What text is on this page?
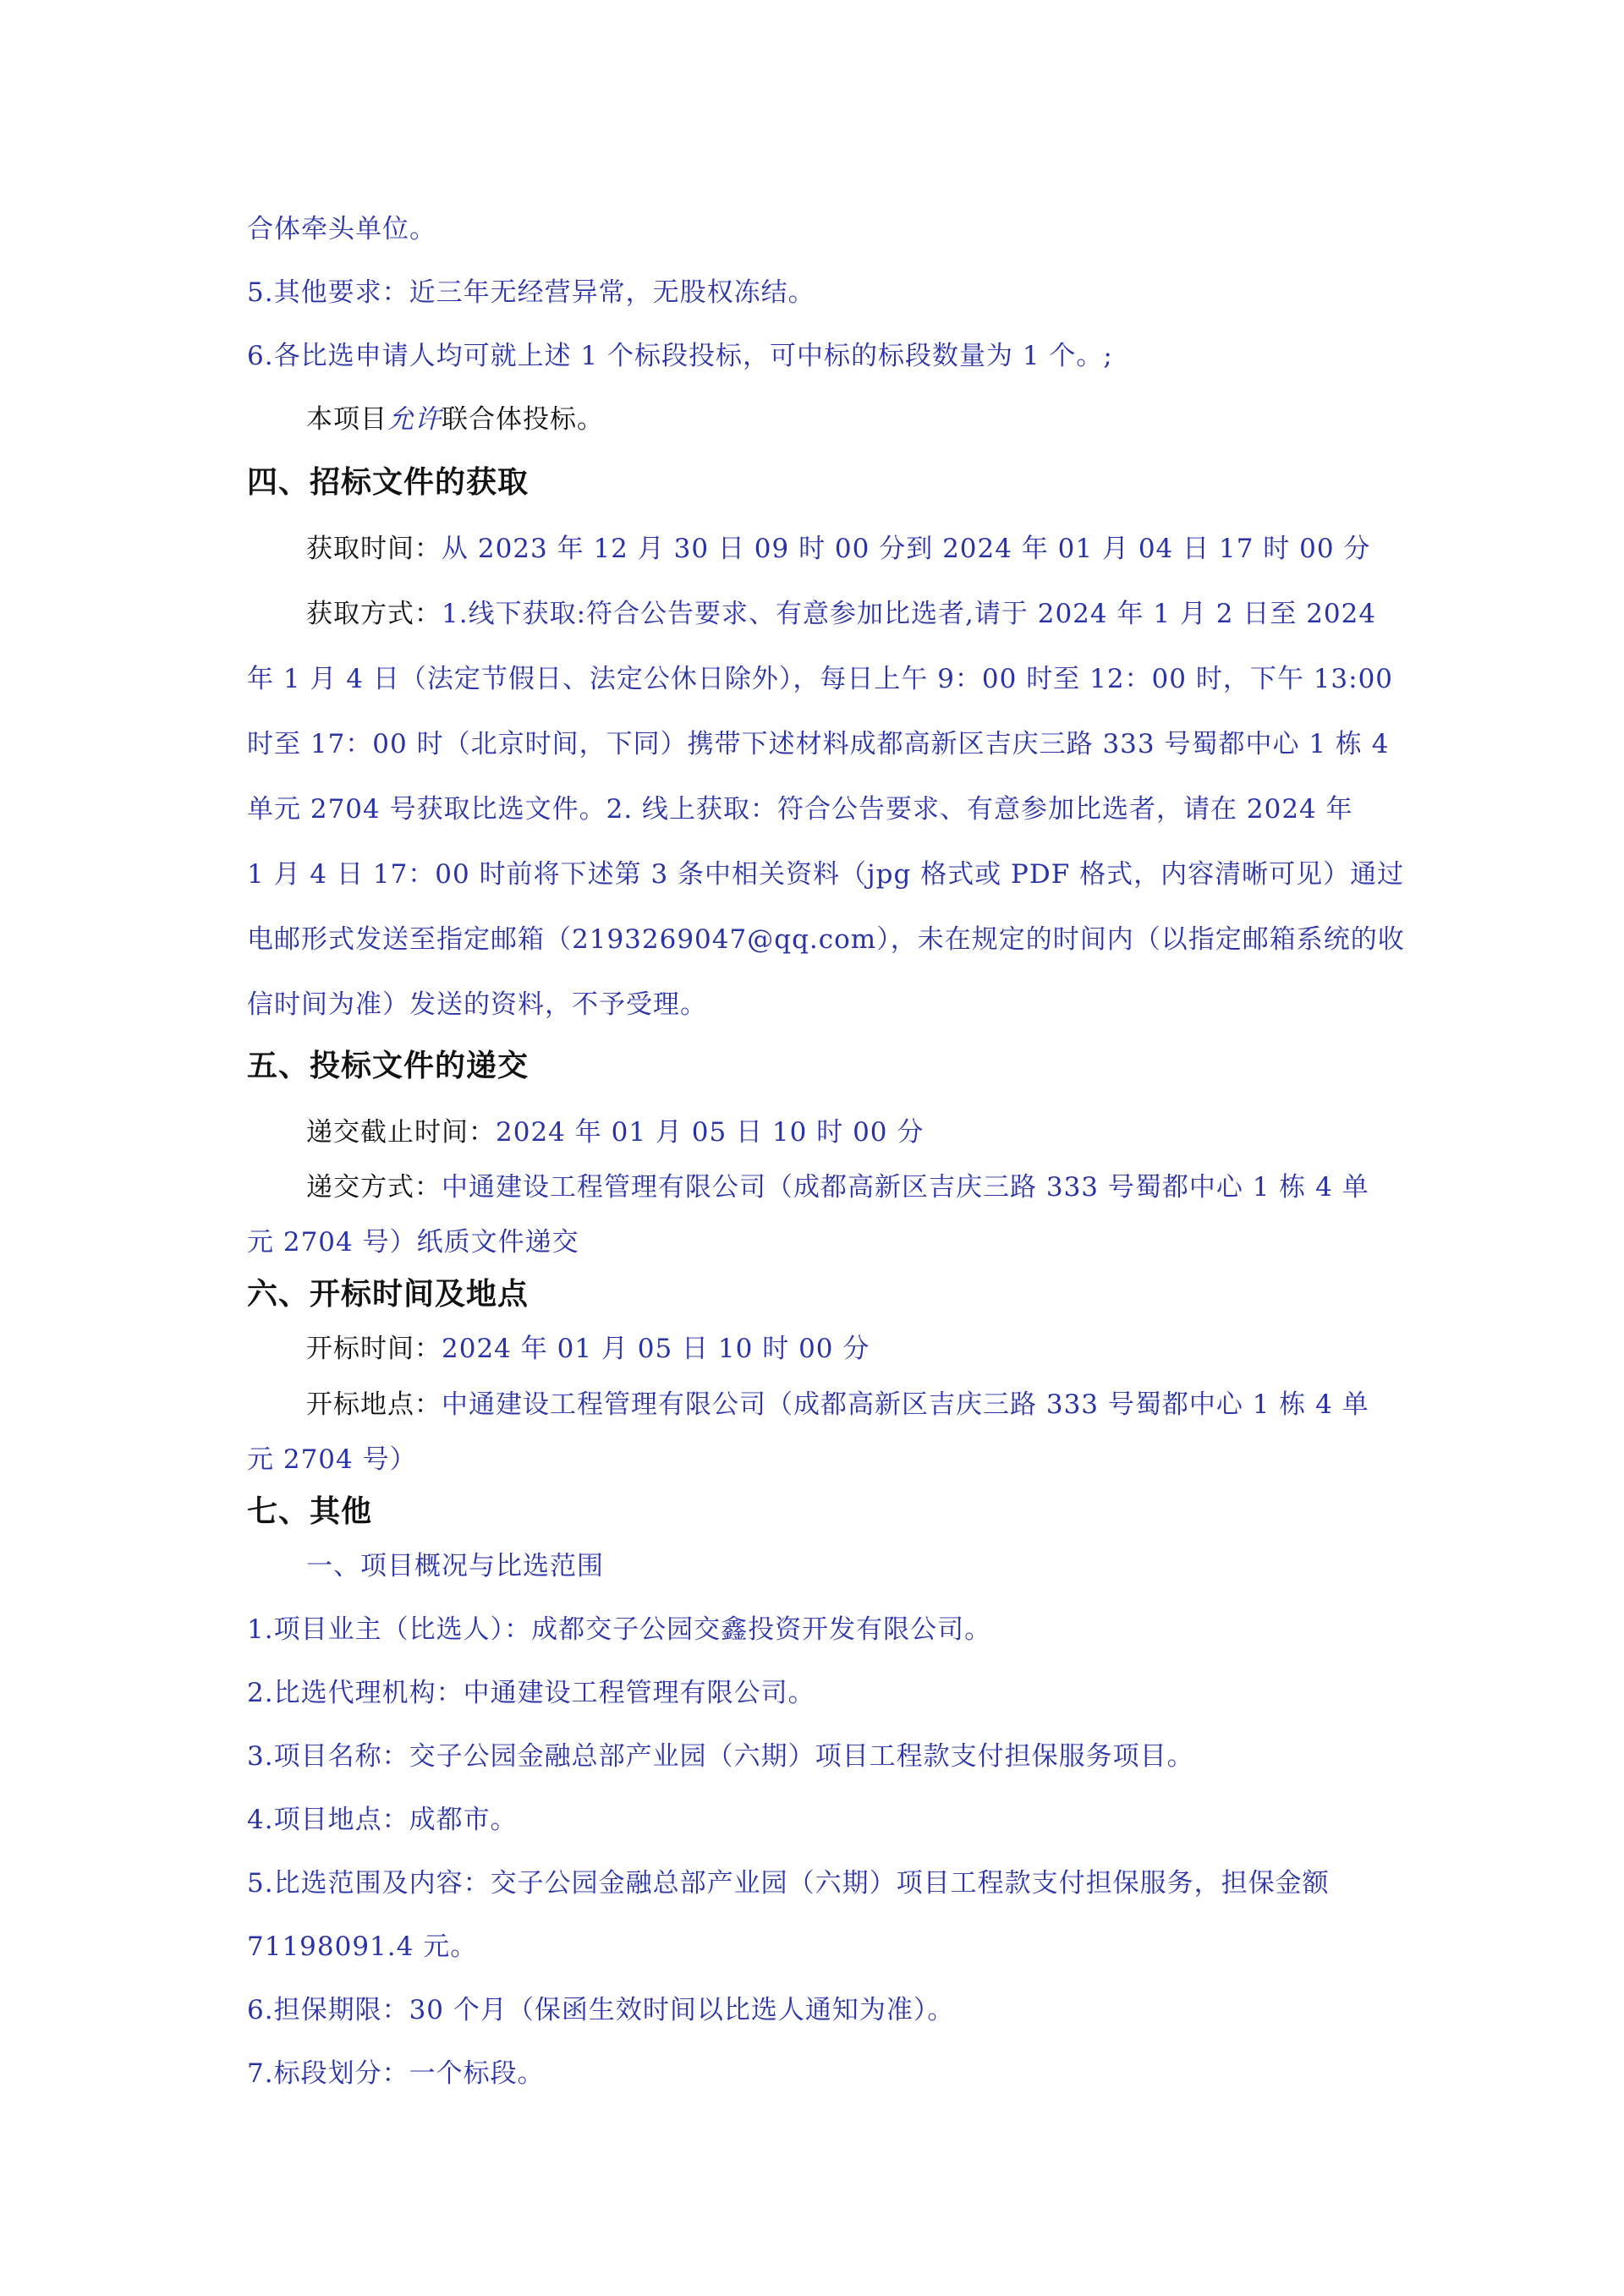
合体牵头单位。
5.其他要求：近三年无经营异常，无股权冻结。
6.各比选申请人均可就上述 1 个标段投标，可中标的标段数量为 1 个。;
本项目允许联合体投标。
四、招标文件的获取
获取时间：从 2023 年 12 月 30 日 09 时 00 分到 2024 年 01 月 04 日 17 时 00 分
获取方式：1.线下获取:符合公告要求、有意参加比选者,请于 2024 年 1 月 2 日至 2024
年 1 月 4 日（法定节假日、法定公休日除外），每日上午 9：00 时至 12：00 时，下午 13:00
时至 17：00 时（北京时间，下同）携带下述材料成都高新区吉庆三路 333 号蜀都中心 1 栋 4
单元 2704 号获取比选文件。2. 线上获取：符合公告要求、有意参加比选者，请在 2024 年
1 月 4 日 17：00 时前将下述第 3 条中相关资料（jpg 格式或 PDF 格式，内容清晰可见）通过
电邮形式发送至指定邮箱（2193269047@qq.com），未在规定的时间内（以指定邮箱系统的收
信时间为准）发送的资料，不予受理。
五、投标文件的递交
递交截止时间：2024 年 01 月 05 日 10 时 00 分
递交方式：中通建设工程管理有限公司（成都高新区吉庆三路 333 号蜀都中心 1 栋 4 单
元 2704 号）纸质文件递交
六、开标时间及地点
开标时间：2024 年 01 月 05 日 10 时 00 分
开标地点：中通建设工程管理有限公司（成都高新区吉庆三路 333 号蜀都中心 1 栋 4 单
元 2704 号）
七、其他
一、项目概况与比选范围
1.项目业主（比选人）：成都交子公园交鑫投资开发有限公司。
2.比选代理机构：中通建设工程管理有限公司。
3.项目名称：交子公园金融总部产业园（六期）项目工程款支付担保服务项目。
4.项目地点：成都市。
5.比选范围及内容：交子公园金融总部产业园（六期）项目工程款支付担保服务，担保金额
71198091.4 元。
6.担保期限：30 个月（保函生效时间以比选人通知为准）。
7.标段划分：一个标段。
